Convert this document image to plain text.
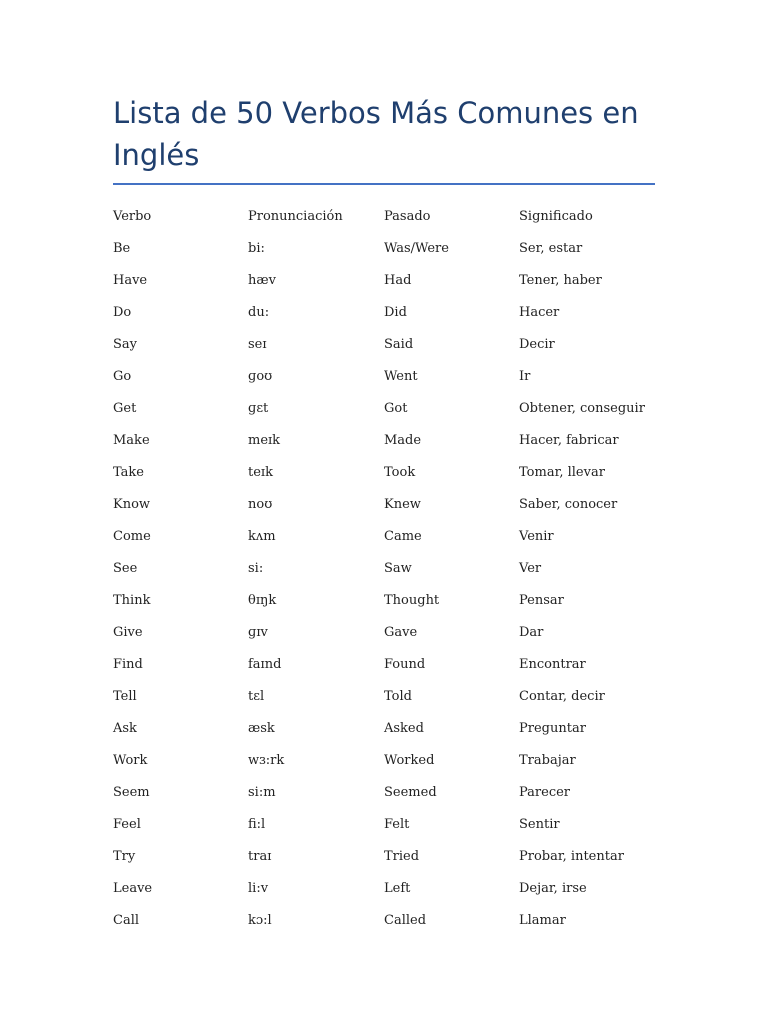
Lista de 50 Verbos Más Comunes en Inglés
Verbo	Pronunciación	Pasado	Significado
Be	bi:	Was/Were	Ser, estar
Have	hæv	Had	Tener, haber
Do	du:	Did	Hacer
Say	seɪ	Said	Decir
Go	ɡoʊ	Went	Ir
Get	ɡɛt	Got	Obtener, conseguir
Make	meɪk	Made	Hacer, fabricar
Take	teɪk	Took	Tomar, llevar
Know	noʊ	Knew	Saber, conocer
Come	kʌm	Came	Venir
See	si:	Saw	Ver
Think	θɪŋk	Thought	Pensar
Give	ɡɪv	Gave	Dar
Find	faɪnd	Found	Encontrar
Tell	tɛl	Told	Contar, decir
Ask	æsk	Asked	Preguntar
Work	wɜ:rk	Worked	Trabajar
Seem	si:m	Seemed	Parecer
Feel	fi:l	Felt	Sentir
Try	traɪ	Tried	Probar, intentar
Leave	li:v	Left	Dejar, irse
Call	kɔ:l	Called	Llamar
